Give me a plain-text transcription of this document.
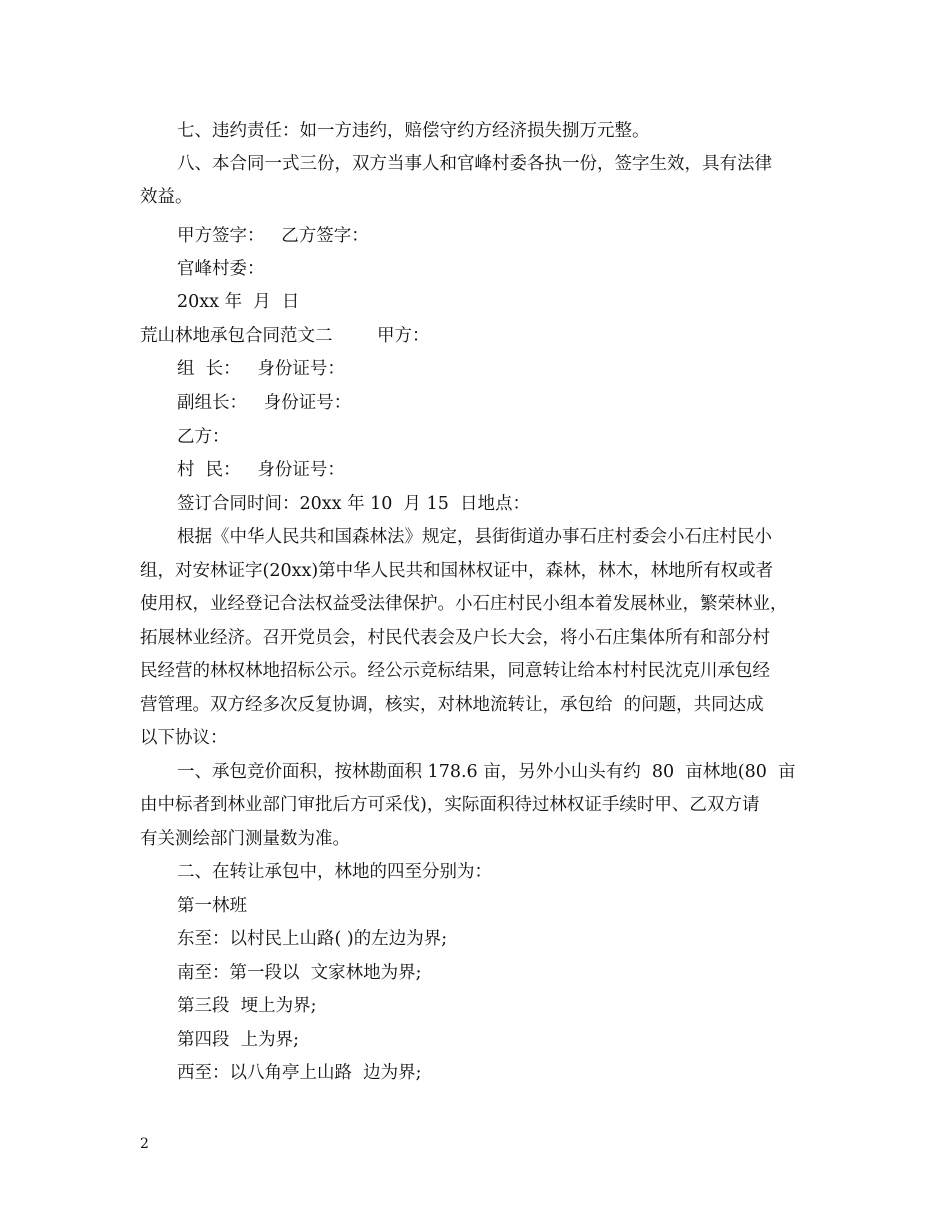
七、违约责任：如一方违约，赔偿守约方经济损失捌万元整。
八、本合同一式三份，双方当事人和官峰村委各执一份，签字生效，具有法律
效益。
甲方签字：   乙方签字：
官峰村委：
20xx 年  月  日
荒山林地承包合同范文二        甲方：
组  长：   身份证号：
副组长：   身份证号：
乙方：
村  民：   身份证号：
签订合同时间：20xx 年 10  月 15  日地点：
根据《中华人民共和国森林法》规定，县街街道办事石庄村委会小石庄村民小
组，对安林证字(20xx)第中华人民共和国林权证中，森林，林木，林地所有权或者
使用权，业经登记合法权益受法律保护。小石庄村民小组本着发展林业，繁荣林业，
拓展林业经济。召开党员会，村民代表会及户长大会，将小石庄集体所有和部分村
民经营的林权林地招标公示。经公示竞标结果，同意转让给本村村民沈克川承包经
营管理。双方经多次反复协调，核实，对林地流转让，承包给  的问题，共同达成
以下协议：
一、承包竞价面积，按林勘面积 178.6 亩，另外小山头有约  80  亩林地(80  亩
由中标者到林业部门审批后方可采伐)，实际面积待过林权证手续时甲、乙双方请
有关测绘部门测量数为准。
二、在转让承包中，林地的四至分别为：
第一林班
东至：以村民上山路( )的左边为界;
南至：第一段以  文家林地为界;
第三段  埂上为界;
第四段  上为界;
西至：以八角亭上山路  边为界;
2
